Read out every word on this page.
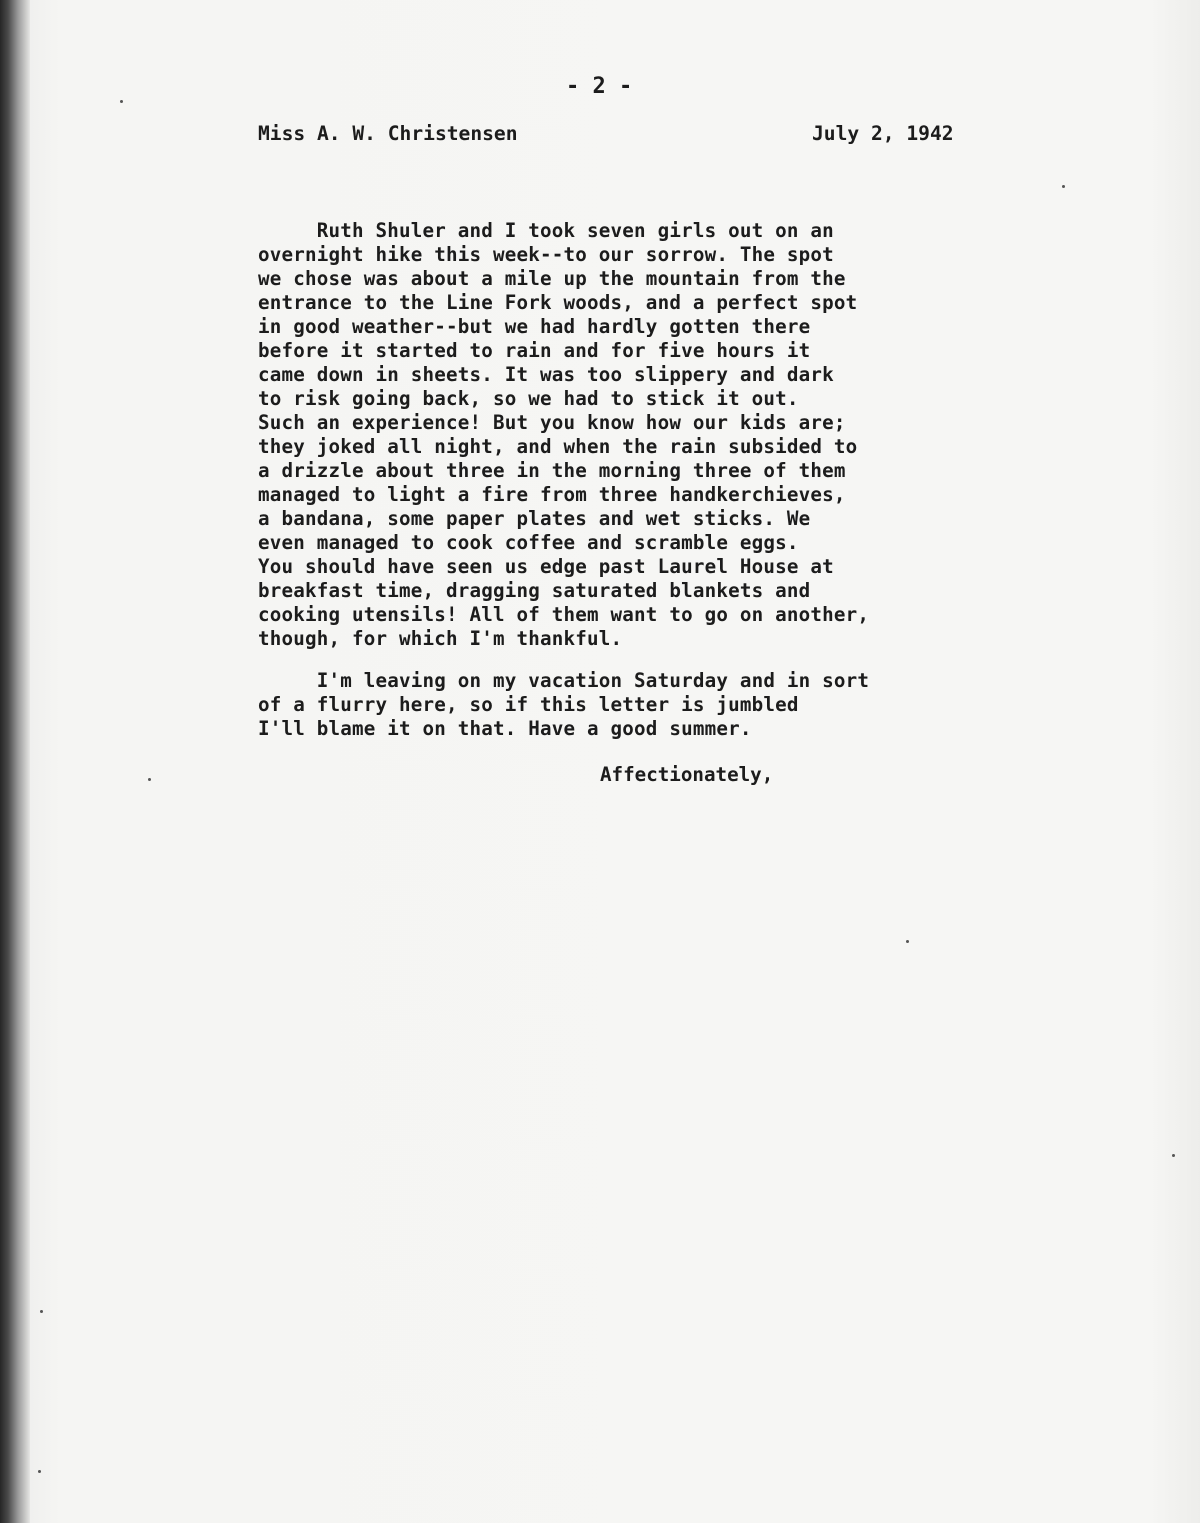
- 2 -
Miss A. W. Christensen	July 2, 1942
Ruth Shuler and I took seven girls out on an
overnight hike this week--to our sorrow. The spot
we chose was about a mile up the mountain from the
entrance to the Line Fork woods, and a perfect spot
in good weather--but we had hardly gotten there
before it started to rain and for five hours it
came down in sheets. It was too slippery and dark
to risk going back, so we had to stick it out.
Such an experience! But you know how our kids are;
they joked all night, and when the rain subsided to
a drizzle about three in the morning three of them
managed to light a fire from three handkerchieves,
a bandana, some paper plates and wet sticks. We
even managed to cook coffee and scramble eggs.
You should have seen us edge past Laurel House at
breakfast time, dragging saturated blankets and
cooking utensils! All of them want to go on another,
though, for which I'm thankful.
I'm leaving on my vacation Saturday and in sort
of a flurry here, so if this letter is jumbled
I'll blame it on that. Have a good summer.
Affectionately,
